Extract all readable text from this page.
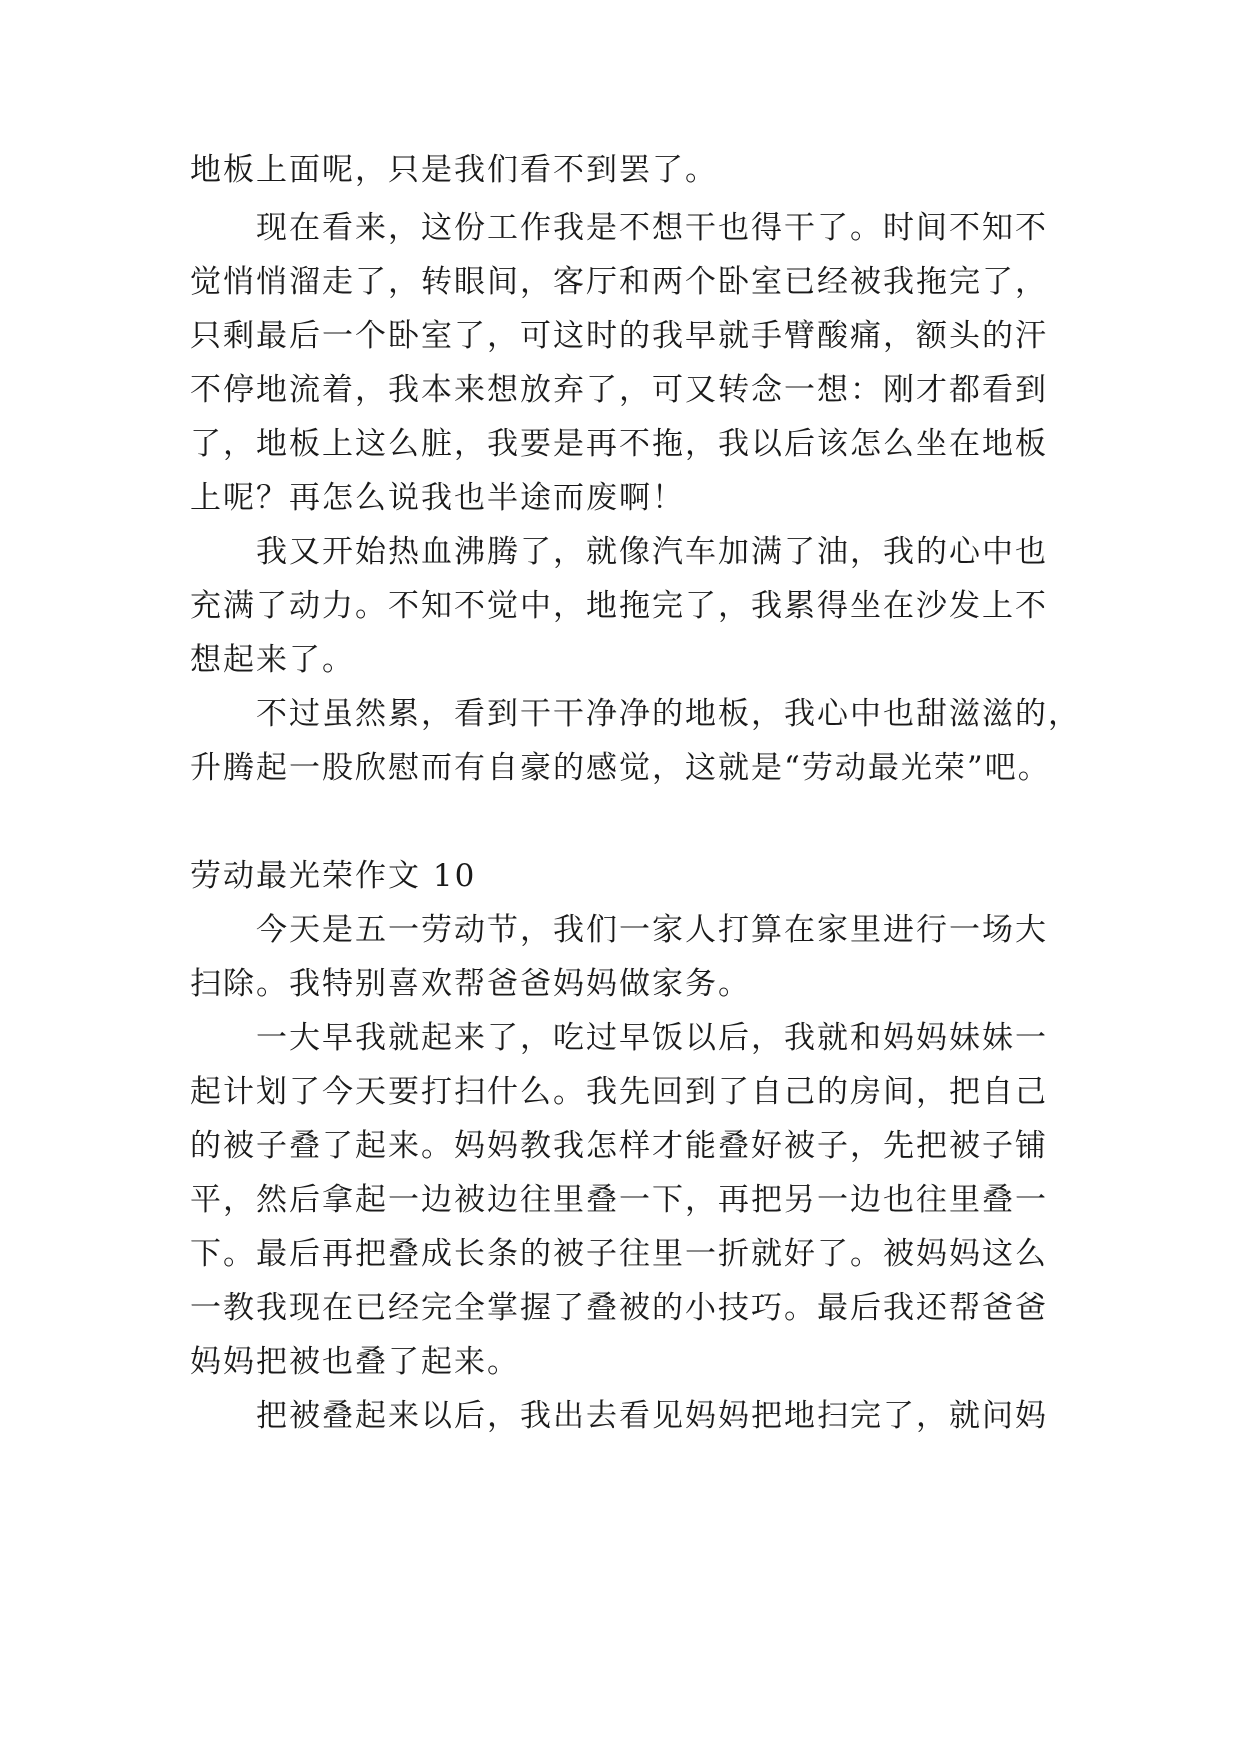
地板上面呢，只是我们看不到罢了。
现在看来，这份工作我是不想干也得干了。时间不知不
觉悄悄溜走了，转眼间，客厅和两个卧室已经被我拖完了，
只剩最后一个卧室了，可这时的我早就手臂酸痛，额头的汗
不停地流着，我本来想放弃了，可又转念一想：刚才都看到
了，地板上这么脏，我要是再不拖，我以后该怎么坐在地板
上呢？再怎么说我也半途而废啊！
我又开始热血沸腾了，就像汽车加满了油，我的心中也
充满了动力。不知不觉中，地拖完了，我累得坐在沙发上不
想起来了。
不过虽然累，看到干干净净的地板，我心中也甜滋滋的，
升腾起一股欣慰而有自豪的感觉，这就是“劳动最光荣”吧。
劳动最光荣作文 10
今天是五一劳动节，我们一家人打算在家里进行一场大
扫除。我特别喜欢帮爸爸妈妈做家务。
一大早我就起来了，吃过早饭以后，我就和妈妈妹妹一
起计划了今天要打扫什么。我先回到了自己的房间，把自己
的被子叠了起来。妈妈教我怎样才能叠好被子，先把被子铺
平，然后拿起一边被边往里叠一下，再把另一边也往里叠一
下。最后再把叠成长条的被子往里一折就好了。被妈妈这么
一教我现在已经完全掌握了叠被的小技巧。最后我还帮爸爸
妈妈把被也叠了起来。
把被叠起来以后，我出去看见妈妈把地扫完了，就问妈
